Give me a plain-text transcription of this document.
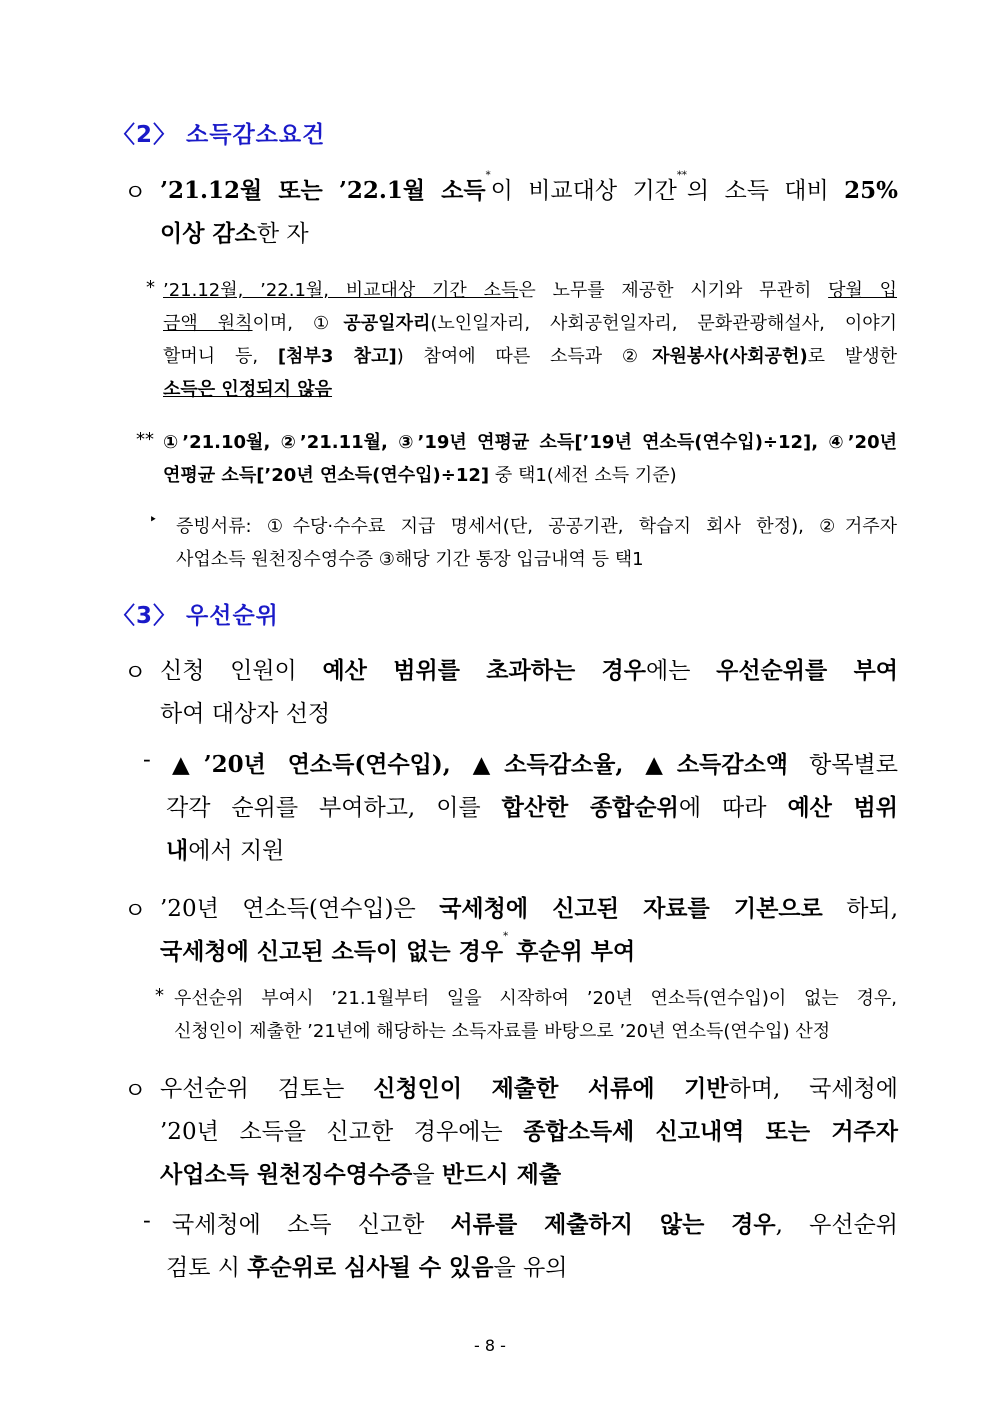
〈2〉 소득감소요건
ㅇ ’21.12월 또는 ’22.1월 소득*이 비교대상 기간**의 소득 대비 25%
이상 감소한 자
* ’21.12월, ’22.1월, 비교대상 기간 소득은 노무를 제공한 시기와 무관히 당월 입
금액 원칙이며, ①공공일자리(노인일자리, 사회공헌일자리, 문화관광해설사, 이야기
할머니 등, [첨부3 참고]) 참여에 따른 소득과 ②자원봉사(사회공헌)로 발생한
소득은 인정되지 않음
** ①’21.10월, ②’21.11월, ③’19년 연평균 소득[’19년 연소득(연수입)÷12], ④’20년
연평균 소득[’20년 연소득(연수입)÷12] 중 택1(세전 소득 기준)
‣ 증빙서류: ①수당·수수료 지급 명세서(단, 공공기관, 학습지 회사 한정), ②거주자
사업소득 원천징수영수증 ③해당 기간 통장 입금내역 등 택1
〈3〉 우선순위
ㅇ 신청 인원이 예산 범위를 초과하는 경우에는 우선순위를 부여
하여 대상자 선정
- ▲’20년 연소득(연수입), ▲소득감소율, ▲소득감소액 항목별로
각각 순위를 부여하고, 이를 합산한 종합순위에 따라 예산 범위
내에서 지원
ㅇ ’20년 연소득(연수입)은 국세청에 신고된 자료를 기본으로 하되,
국세청에 신고된 소득이 없는 경우* 후순위 부여
* 우선순위 부여시 ’21.1월부터 일을 시작하여 ’20년 연소득(연수입)이 없는 경우,
신청인이 제출한 ’21년에 해당하는 소득자료를 바탕으로 ’20년 연소득(연수입) 산정
ㅇ 우선순위 검토는 신청인이 제출한 서류에 기반하며, 국세청에
’20년 소득을 신고한 경우에는 종합소득세 신고내역 또는 거주자
사업소득 원천징수영수증을 반드시 제출
- 국세청에 소득 신고한 서류를 제출하지 않는 경우, 우선순위
검토 시 후순위로 심사될 수 있음을 유의
- 8 -
